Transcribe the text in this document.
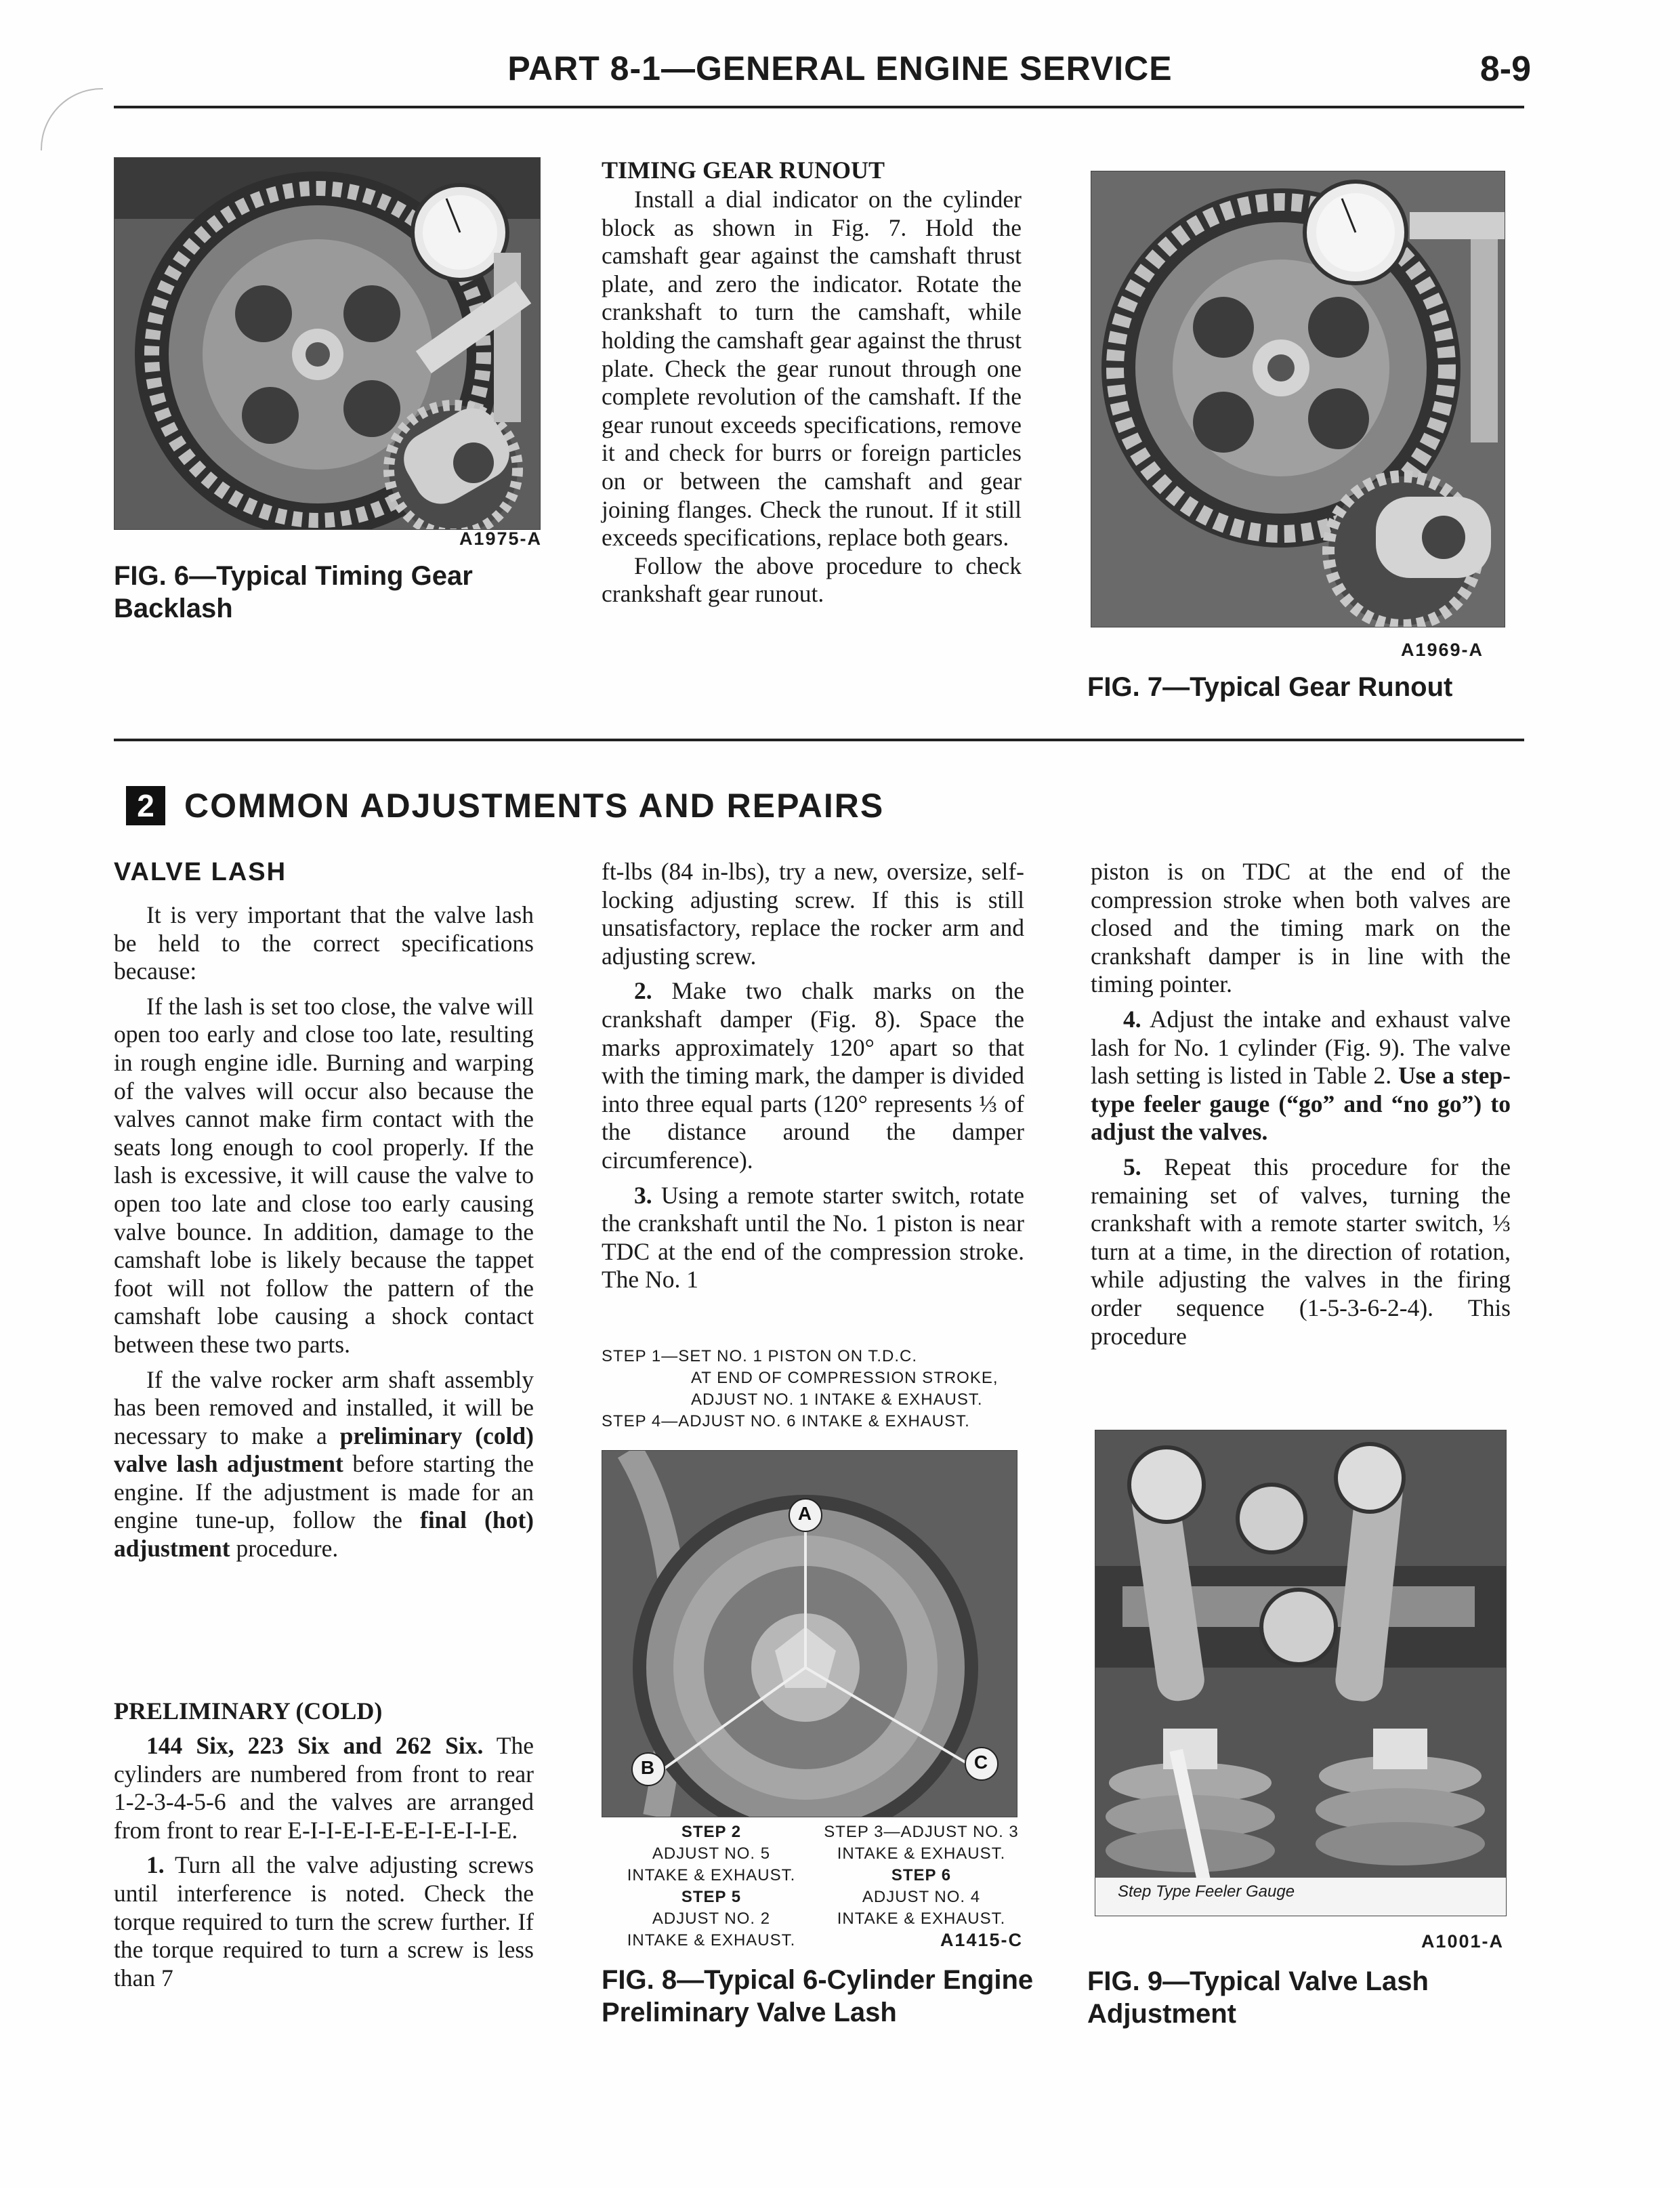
PART 8-1—GENERAL ENGINE SERVICE	8-9
A1975-A
FIG. 6—Typical Timing Gear Backlash
TIMING GEAR RUNOUT

Install a dial indicator on the cylinder block as shown in Fig. 7. Hold the camshaft gear against the camshaft thrust plate, and zero the indicator. Rotate the crankshaft to turn the camshaft, while holding the camshaft gear against the thrust plate. Check the gear runout through one complete revolution of the camshaft. If the gear runout exceeds specifications, remove it and check for burrs or foreign particles on or between the camshaft and gear joining flanges. Check the runout. If it still exceeds specifications, replace both gears.

Follow the above procedure to check crankshaft gear runout.

A1969-A
FIG. 7—Typical Gear Runout
2 COMMON ADJUSTMENTS AND REPAIRS
VALVE LASH

It is very important that the valve lash be held to the correct specifications because:

If the lash is set too close, the valve will open too early and close too late, resulting in rough engine idle. Burning and warping of the valves will occur also because the valves cannot make firm contact with the seats long enough to cool properly. If the lash is excessive, it will cause the valve to open too late and close too early causing valve bounce. In addition, damage to the camshaft lobe is likely because the tappet foot will not follow the pattern of the camshaft lobe causing a shock contact between these two parts.

If the valve rocker arm shaft assembly has been removed and installed, it will be necessary to make a preliminary (cold) valve lash adjustment before starting the engine. If the adjustment is made for an engine tune-up, follow the final (hot) adjustment procedure.

PRELIMINARY (COLD)

144 Six, 223 Six and 262 Six. The cylinders are numbered from front to rear 1-2-3-4-5-6 and the valves are arranged from front to rear E-I-I-E-I-E-E-I-E-I-I-E.

1. Turn all the valve adjusting screws until interference is noted. Check the torque required to turn the screw further. If the torque required to turn a screw is less than 7

ft-lbs (84 in-lbs), try a new, oversize, self-locking adjusting screw. If this is still unsatisfactory, replace the rocker arm and adjusting screw.

2. Make two chalk marks on the crankshaft damper (Fig. 8). Space the marks approximately 120° apart so that with the timing mark, the damper is divided into three equal parts (120° represents ⅓ of the distance around the damper circumference).

3. Using a remote starter switch, rotate the crankshaft until the No. 1 piston is near TDC at the end of the compression stroke. The No. 1

STEP 1—SET NO. 1 PISTON ON T.D.C.
AT END OF COMPRESSION STROKE,
ADJUST NO. 1 INTAKE & EXHAUST.
STEP 4—ADJUST NO. 6 INTAKE & EXHAUST.
A
B	C
STEP 2
ADJUST NO. 5
INTAKE & EXHAUST.
STEP 3—ADJUST NO. 3
INTAKE & EXHAUST.
STEP 6
ADJUST NO. 4
INTAKE & EXHAUST.
STEP 5
ADJUST NO. 2
INTAKE & EXHAUST.	A1415-C
FIG. 8—Typical 6-Cylinder Engine Preliminary Valve Lash

piston is on TDC at the end of the compression stroke when both valves are closed and the timing mark on the crankshaft damper is in line with the timing pointer.

4. Adjust the intake and exhaust valve lash for No. 1 cylinder (Fig. 9). The valve lash setting is listed in Table 2. Use a step-type feeler gauge (“go” and “no go”) to adjust the valves.

5. Repeat this procedure for the remaining set of valves, turning the crankshaft with a remote starter switch, ⅓ turn at a time, in the direction of rotation, while adjusting the valves in the firing order sequence (1-5-3-6-2-4). This procedure

Step Type Feeler Gauge
A1001-A
FIG. 9—Typical Valve Lash Adjustment
